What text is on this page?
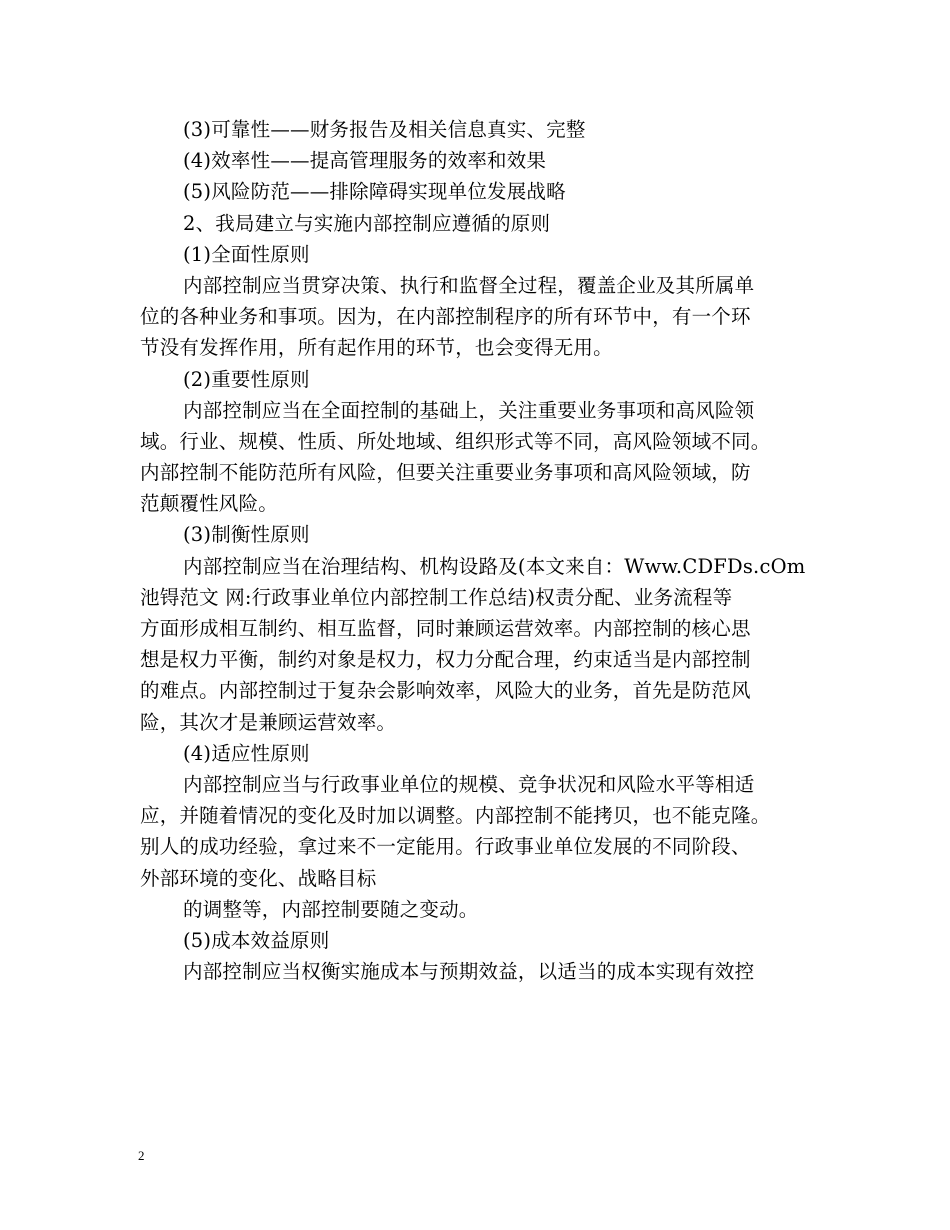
(3)可靠性——财务报告及相关信息真实、完整
(4)效率性——提高管理服务的效率和效果
(5)风险防范——排除障碍实现单位发展战略
2、我局建立与实施内部控制应遵循的原则
(1)全面性原则
内部控制应当贯穿决策、执行和监督全过程，覆盖企业及其所属单
位的各种业务和事项。因为，在内部控制程序的所有环节中，有一个环
节没有发挥作用，所有起作用的环节，也会变得无用。
(2)重要性原则
内部控制应当在全面控制的基础上，关注重要业务事项和高风险领
域。行业、规模、性质、所处地域、组织形式等不同，高风险领域不同。
内部控制不能防范所有风险，但要关注重要业务事项和高风险领域，防
范颠覆性风险。
(3)制衡性原则
内部控制应当在治理结构、机构设路及(本文来自：Www.CDFDs.cOm
池锝范文 网:行政事业单位内部控制工作总结)权责分配、业务流程等
方面形成相互制约、相互监督，同时兼顾运营效率。内部控制的核心思
想是权力平衡，制约对象是权力，权力分配合理，约束适当是内部控制
的难点。内部控制过于复杂会影响效率，风险大的业务，首先是防范风
险，其次才是兼顾运营效率。
(4)适应性原则
内部控制应当与行政事业单位的规模、竞争状况和风险水平等相适
应，并随着情况的变化及时加以调整。内部控制不能拷贝，也不能克隆。
别人的成功经验，拿过来不一定能用。行政事业单位发展的不同阶段、
外部环境的变化、战略目标
的调整等，内部控制要随之变动。
(5)成本效益原则
内部控制应当权衡实施成本与预期效益，以适当的成本实现有效控
2
